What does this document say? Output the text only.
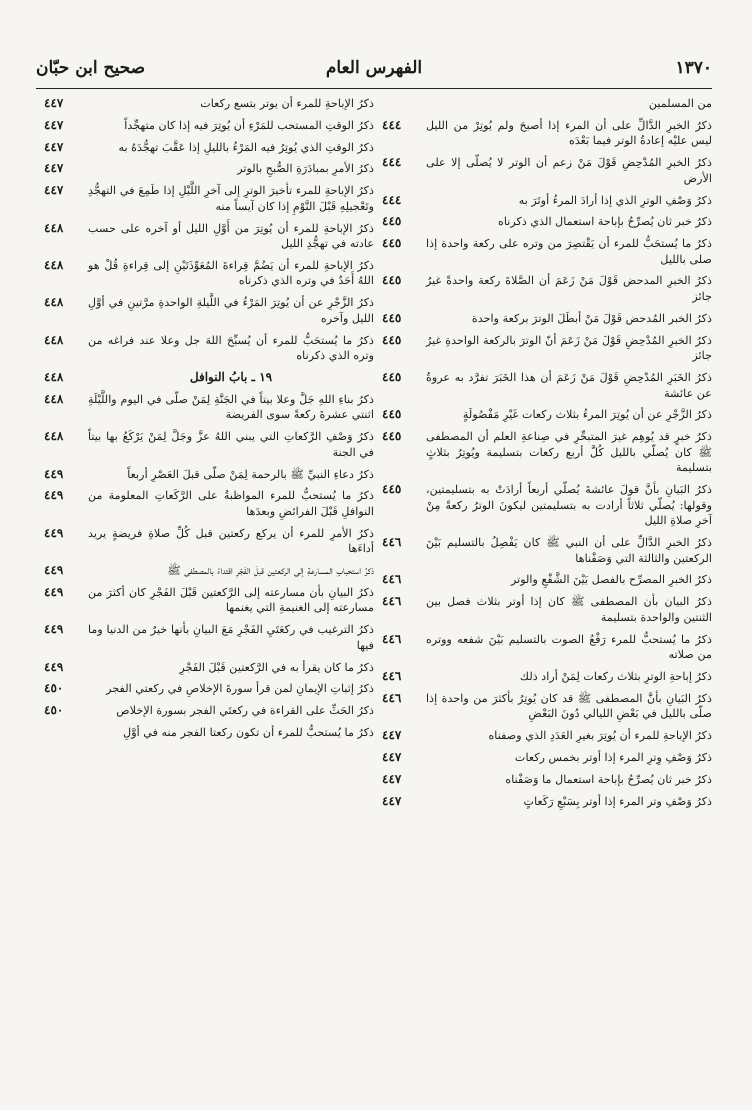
١٣٧٠
الفهرس العام
صحيح ابن حبّان
من المسلمين
ذكرُ الخبرِ الدَّالِّ على أن المرء إذا أصبحَ ولم يُوتِرْ من الليل ليس عليْه إعادةُ الوتر فيما بَعْدَه
٤٤٤
ذكرُ الخبرِ المُدْحِضِ قَوْلَ مَنْ زعم أن الوتر لا يُصلّى إلا على الأرض
٤٤٤
ذكرُ وَصْفِ الوترِ الذي إذا أرادَ المرءُ أوتَرَ به
٤٤٤
ذكرُ خبر ثان يُصرِّحُ بإباحة استعمال الذي ذكرناه
٤٤٥
ذكرُ ما يُستحَبُّ للمرء أن يَقْتصِرَ من وتره على ركعة واحدة إذا صلى بالليل
٤٤٥
ذكرُ الخبرِ المدحض قَوْلَ مَنْ زَعَمَ أن الصَّلاةَ ركعة واحدةً غيرُ جائز
٤٤٥
ذكرُ الخبر المُدحض قَوْلَ مَنْ أبطَلَ الوترَ بركعة واحدة
٤٤٥
ذكرُ الخبرِ المُدْحِضِ قَوْلَ مَنْ زَعَمَ أنّ الوترَ بالركعة الواحدةِ غيرُ جائز
٤٤٥
ذكرُ الخَبَرِ المُدْحِضِ قَوْلَ مَنْ زَعَمَ أن هذا الخَبَرَ تفرَّد به عروةُ عن عائشة
٤٤٥
ذكرُ الزَّجْرِ عن أن يُوتِرَ المرءُ بثلاث ركعات غَيْرِ مَفْصُولَةٍ
٤٤٥
ذكرُ خبرٍ قد يُوهِم غيرَ المتبحِّرِ في صِناعةِ العلم أن المصطفى ﷺ كان يُصلّي بالليل كُلَّ أربع ركعات بتسليمة ويُوتِرُ بثلاثٍ بتسليمة
٤٤٥
ذكرُ البَيانِ بأنَّ قولَ عائشةَ يُصلّي أربعاً أرادَتْ به بتسليمتين، وقولها: يُصلّي ثلاثاً أرادت به بتسليمتين ليكونَ الوترُ ركعةً مِنْ آخرِ صلاةِ الليل
٤٤٥
ذكرُ الخبرِ الدَّالِّ على أن النبي ﷺ كان يَفْصِلُ بالتسليم بَيْنَ الركعتين والثالثة التي وَصَفْناها
٤٤٦
ذكرُ الخبرِ المصرِّح بالفصل بَيْنَ الشَّفْعِ والوتر
٤٤٦
ذكرُ البيان بأن المصطفى ﷺ كان إذا أوتر بثلاث فصل بين الثنتين والواحدة بتسليمة
٤٤٦
ذكرُ ما يُستحبُّ للمرء رَفْعُ الصوت بالتسليم بَيْنَ شفعه ووتره من صلاته
٤٤٦
ذكرُ إباحةِ الوترِ بثلاث ركعات لِمَنْ أراد ذلك
٤٤٦
ذكرُ البَيانِ بأنَّ المصطفى ﷺ قد كان يُوتِرُ بأكثرَ من واحدة إذا صلّى بالليل في بَعْضِ الليالي دُونَ البَعْضِ
٤٤٦
ذكرُ الإباحةِ للمرء أن يُوتِرَ بغيرِ العَدَدِ الذي وصفناه
٤٤٧
ذكرُ وَصْفِ وِترِ المرء إذا أوتر بخمس ركعات
٤٤٧
ذكرُ خبر ثان يُصرِّحُ بإباحة استعمال ما وَصَفْناه
٤٤٧
ذكرُ وَصْفِ وتر المرء إذا أوتر بِسَبْعِ رَكَعاتٍ
٤٤٧
ذكرُ الإباحةِ للمرء أن يوتر بتسع ركعات
٤٤٧
ذكرُ الوقتِ المستحب للمَرْءِ أن يُوتِرَ فيه إذا كان متهجِّداً
٤٤٧
ذكرُ الوقتِ الذي يُوتِرُ فيه المَرْءُ بالليلِ إذا عَقَّبَ تهجُّدَهُ به
٤٤٧
ذكرُ الأمرِ بمبادَرَةِ الصُّبحِ بالوتر
٤٤٧
ذكرُ الإباحةِ للمرء تأخيرَ الوترِ إلى آخرِ اللَّيْلِ إذا طَمِعَ في التهجُّدِ وتَعْجيلِهِ قَبْلَ النَّوْمِ إذا كان آيساً منه
٤٤٧
ذكرُ الإباحةِ للمرء أن يُوتِرَ من أَوَّلِ الليل أو آخره على حسب عادته في تهجُّدِ الليل
٤٤٨
ذكرُ الإباحةِ للمرء أن يَضُمَّ قِراءةَ المُعَوِّذَتَيْنِ إلى قِراءةِ قُلْ هو اللهُ أَحَدٌ في وتره الذي ذكرناه
٤٤٨
ذكرُ الزَّجْرِ عن أن يُوتِرَ المَرْءُ في اللَّيلةِ الواحدةِ مرَّتينِ في أوَّلِ الليل وآخره
٤٤٨
ذكرُ ما يُستحَبُّ للمرء أن يُسبِّحَ اللهَ جل وعلا عند فراغه من وتره الذي ذكرناه
٤٤٨
١٩ ـ بابُ النوافل
٤٤٨
ذكرُ بناءِ اللهِ جَلَّ وعلا بيتاً في الجَنَّةِ لِمَنْ صلّى في اليوم واللَّيْلَةِ اثنتي عشرةَ ركعةً سوى الفريضة
٤٤٨
ذكرُ وَصْفِ الرَّكعاتِ التي يبني اللهُ عزَّ وجَلَّ لِمَنْ يَرْكَعُ بها بيتاً في الجنة
٤٤٨
ذكرُ دعاءِ النبيِّ ﷺ بالرحمة لِمَنْ صلّى قبلَ العَصْرِ أربعاً
٤٤٩
ذكرُ ما يُستحبُّ للمرء المواظبةُ على الرَّكَعاتِ المعلومة من النوافلِ قَبْلَ الفرائضِ وبعدَها
٤٤٩
ذكرُ الأمرِ للمرء أن يركع ركعتين قبل كُلِّ صلاةِ فريضةٍ يريد أداءَها
٤٤٩
ذكرُ استحبابِ المسارعةِ إلى الركعتين قبلَ الفَجْرِ اقتداءً بالمصطفى ﷺ
٤٤٩
ذكرُ البيانِ بأن مسارعته إلى الرَّكعتين قَبْلَ الفَجْرِ كان أكثرَ من مسارعته إلى الغنيمةِ التي يغنمها
٤٤٩
ذكرُ الترغيب في ركعَتَيِ الفَجْرِ مَعَ البيانِ بأنها خيرٌ من الدنيا وما فيها
٤٤٩
ذكرُ ما كان يقرأ به في الرَّكعتين قَبْلَ الفَجْرِ
٤٤٩
ذكرُ إثباتِ الإيمانِ لمن قرأ سورةَ الإخلاصِ في ركعتي الفجر
٤٥٠
ذكرُ الحَثِّ على القراءة في ركعتَي الفجر بسورة الإخلاص
٤٥٠
ذكرُ ما يُستحبُّ للمرء أن تكون ركعتا الفجر منه في أوَّلِ
